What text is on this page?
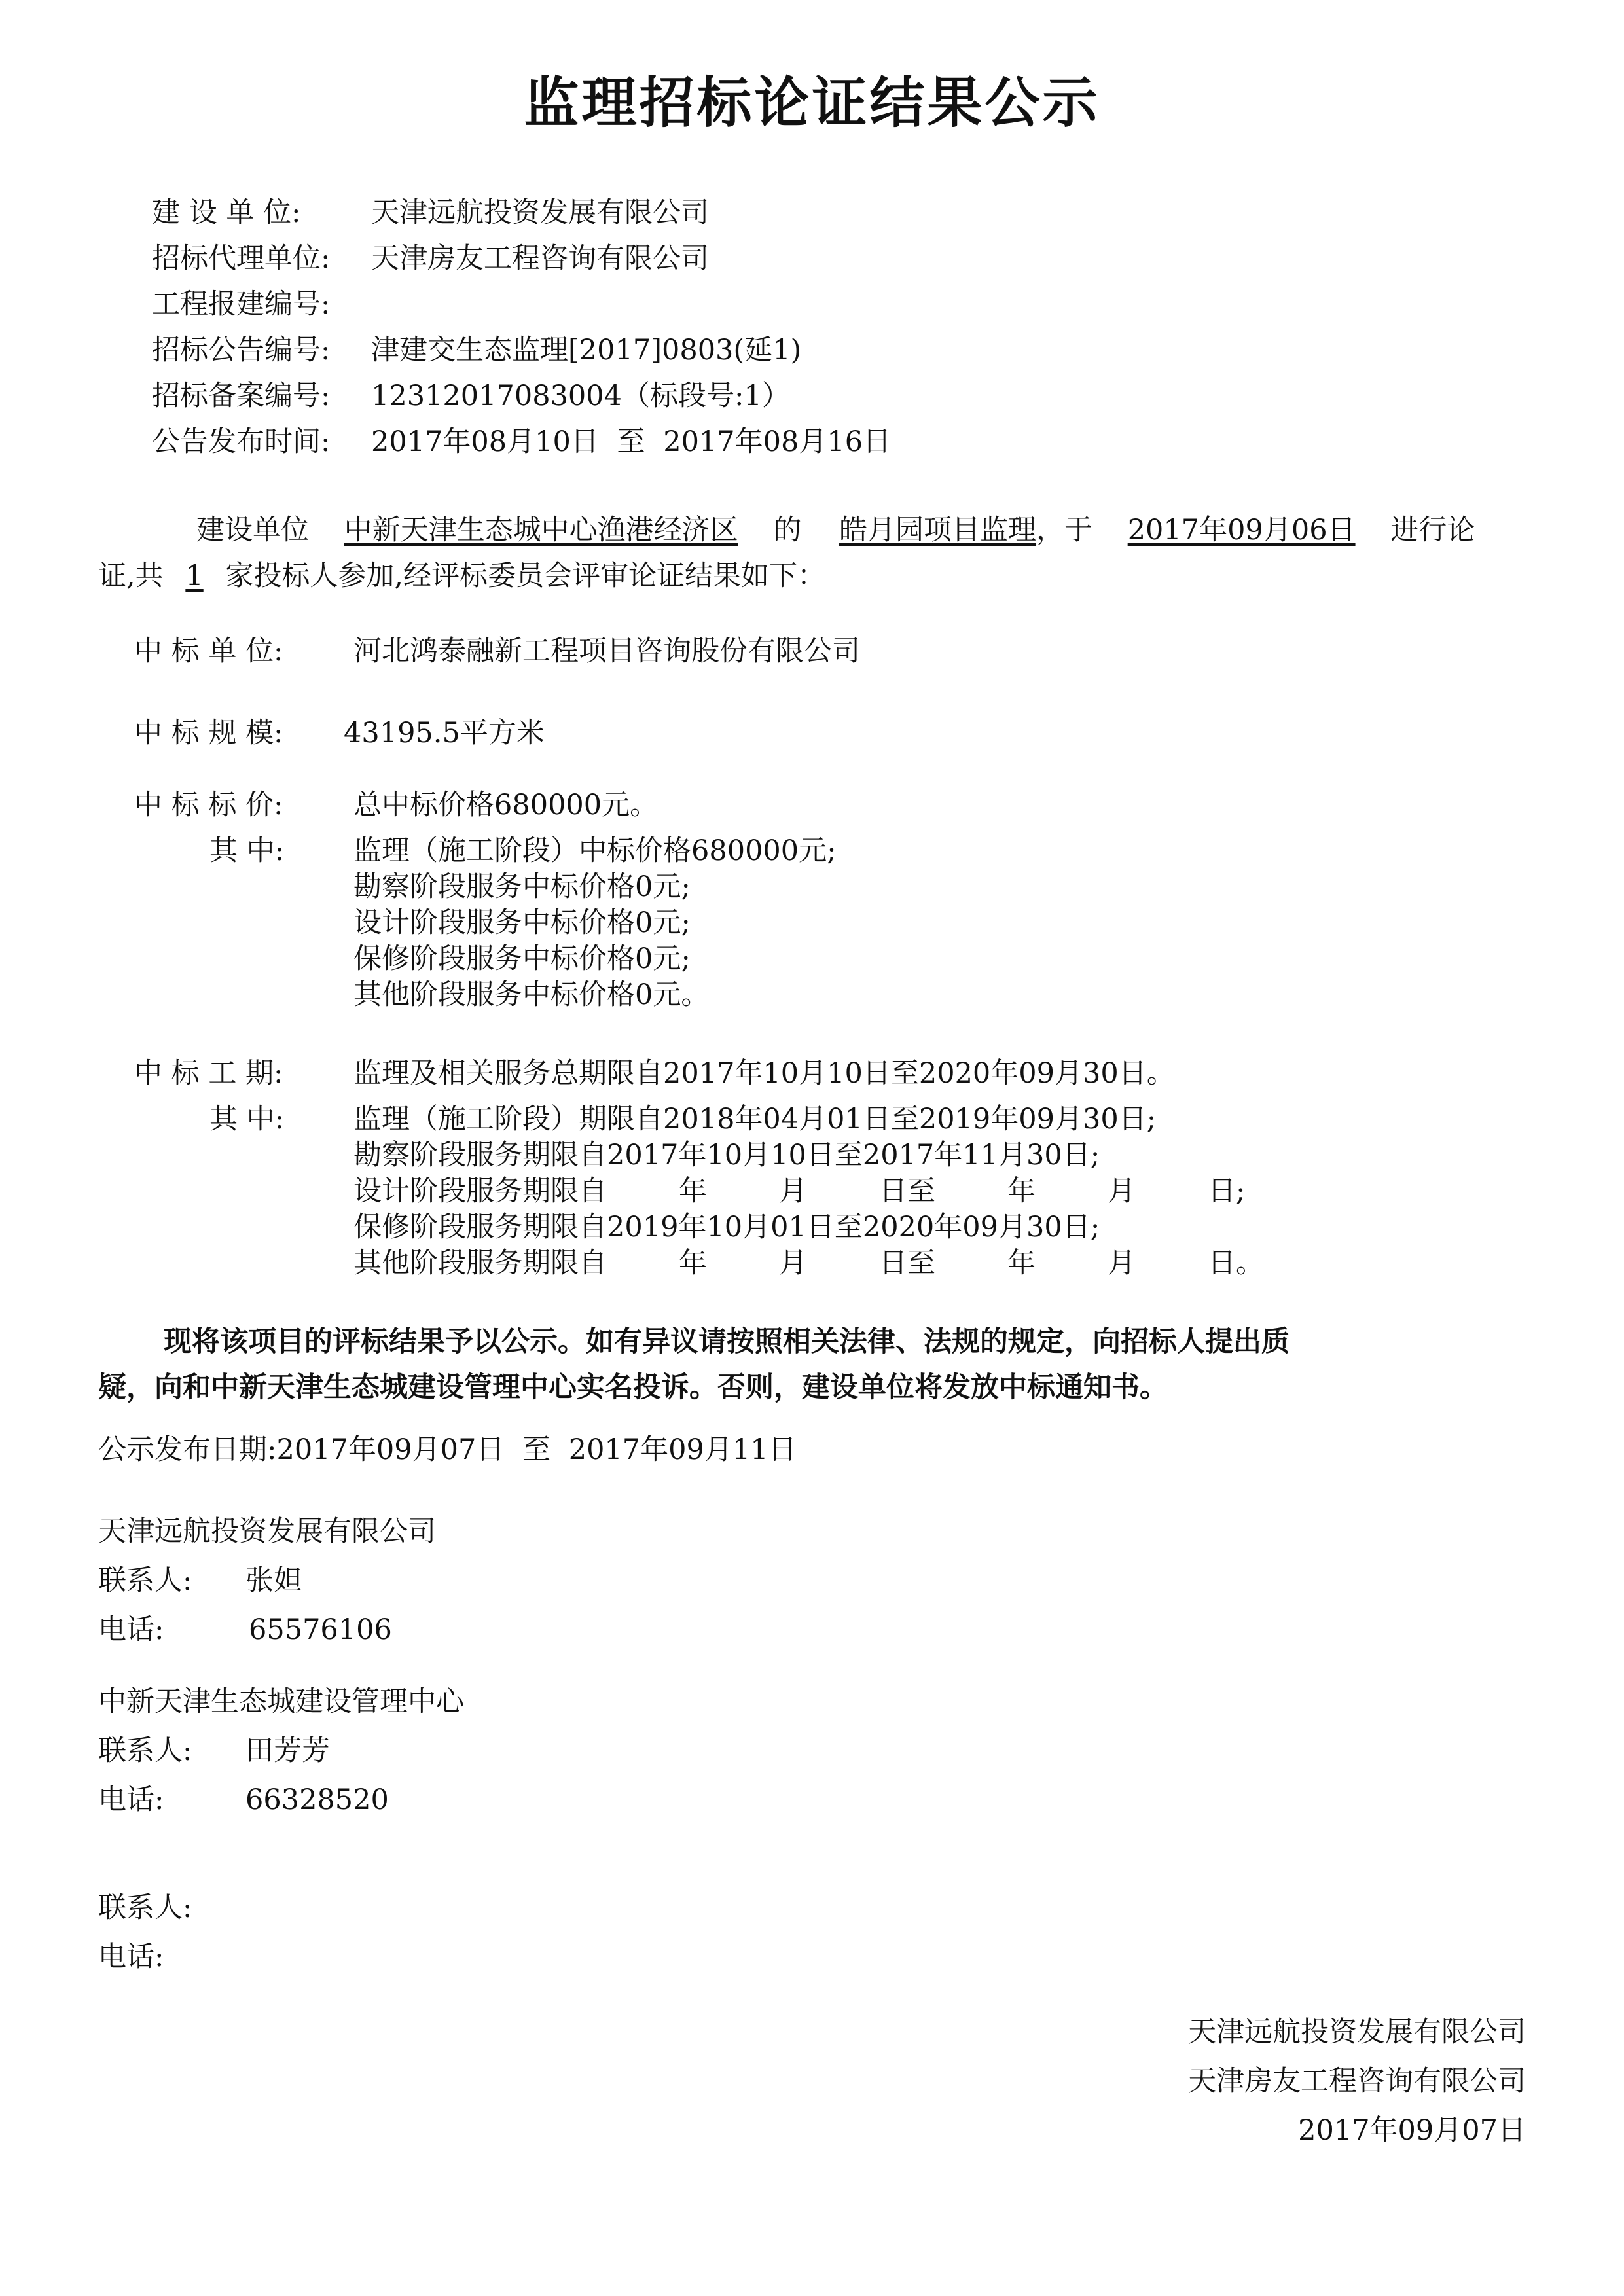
监理招标论证结果公示
建 设 单 位:	天津远航投资发展有限公司
招标代理单位: 天津房友工程咨询有限公司
工程报建编号:
招标公告编号: 津建交生态监理[2017]0803(延1)
招标备案编号: 12312017083004（标段号:1）
公告发布时间: 2017年08月10日 至 2017年08月16日
建设单位 中新天津生态城中心渔港经济区 的 皓月园项目监理，于 2017年09月06日 进行论
证,共 1 家投标人参加,经评标委员会评审论证结果如下：
中 标 单 位:	河北鸿泰融新工程项目咨询股份有限公司
中 标 规 模: 43195.5平方米
中 标 标 价:	总中标价格680000元。
其 中:	监理（施工阶段）中标价格680000元;
勘察阶段服务中标价格0元;
设计阶段服务中标价格0元;
保修阶段服务中标价格0元;
其他阶段服务中标价格0元。
中 标 工 期:	监理及相关服务总期限自2017年10月10日至2020年09月30日。
其 中:	监理（施工阶段）期限自2018年04月01日至2019年09月30日;
勘察阶段服务期限自2017年10月10日至2017年11月30日;
设计阶段服务期限自	年	月	日至	年	月	日;
保修阶段服务期限自2019年10月01日至2020年09月30日;
其他阶段服务期限自	年	月	日至	年	月	日。
现将该项目的评标结果予以公示。如有异议请按照相关法律、法规的规定，向招标人提出质
疑，向和中新天津生态城建设管理中心实名投诉。否则，建设单位将发放中标通知书。
公示发布日期:2017年09月07日 至 2017年09月11日
天津远航投资发展有限公司
联系人: 张妲
电话:	65576106
中新天津生态城建设管理中心
联系人: 田芳芳
电话:	66328520
联系人:
电话:
天津远航投资发展有限公司
天津房友工程咨询有限公司
2017年09月07日
